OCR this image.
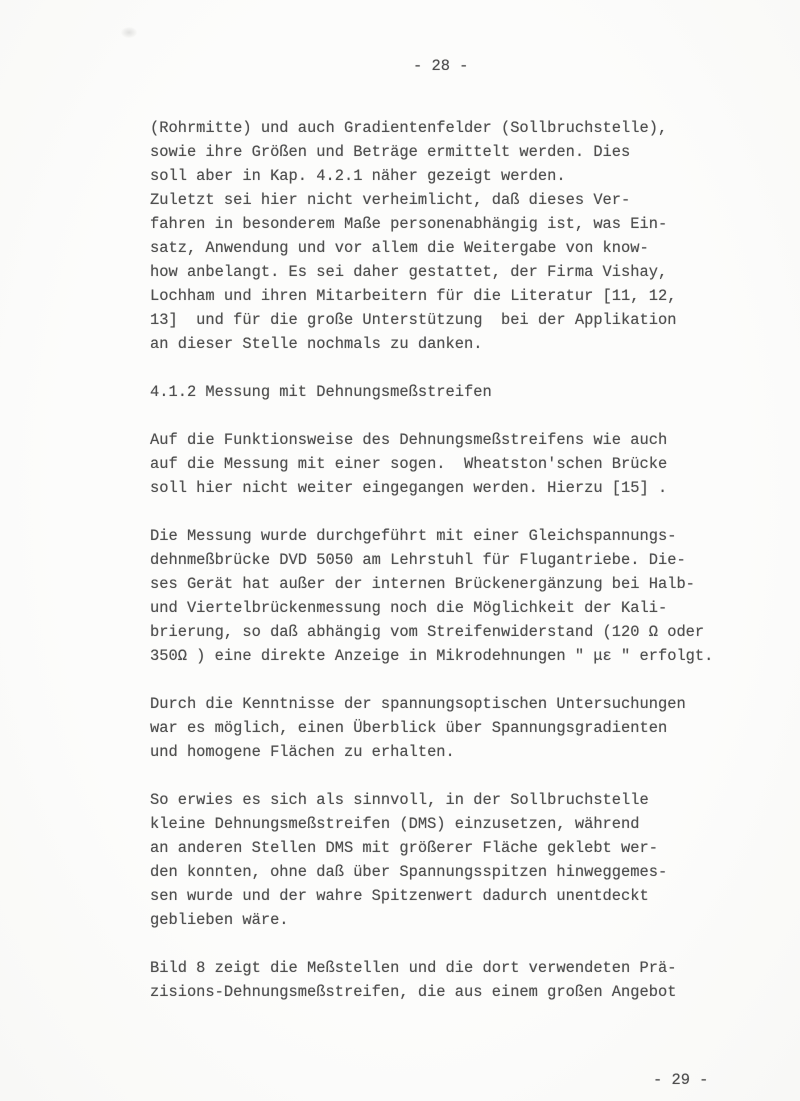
- 28 -
(Rohrmitte) und auch Gradientenfelder (Sollbruchstelle),
sowie ihre Größen und Beträge ermittelt werden. Dies
soll aber in Kap. 4.2.1 näher gezeigt werden.
Zuletzt sei hier nicht verheimlicht, daß dieses Ver-
fahren in besonderem Maße personenabhängig ist, was Ein-
satz, Anwendung und vor allem die Weitergabe von know-
how anbelangt. Es sei daher gestattet, der Firma Vishay,
Lochham und ihren Mitarbeitern für die Literatur [11, 12,
13]  und für die große Unterstützung  bei der Applikation
an dieser Stelle nochmals zu danken.
4.1.2 Messung mit Dehnungsmeßstreifen
Auf die Funktionsweise des Dehnungsmeßstreifens wie auch
auf die Messung mit einer sogen.  Wheatston'schen Brücke
soll hier nicht weiter eingegangen werden. Hierzu [15] .
Die Messung wurde durchgeführt mit einer Gleichspannungs-
dehnmeßbrücke DVD 5050 am Lehrstuhl für Flugantriebe. Die-
ses Gerät hat außer der internen Brückenergänzung bei Halb-
und Viertelbrückenmessung noch die Möglichkeit der Kali-
brierung, so daß abhängig vom Streifenwiderstand (120 Ω oder
350Ω ) eine direkte Anzeige in Mikrodehnungen " με " erfolgt.
Durch die Kenntnisse der spannungsoptischen Untersuchungen
war es möglich, einen Überblick über Spannungsgradienten
und homogene Flächen zu erhalten.
So erwies es sich als sinnvoll, in der Sollbruchstelle
kleine Dehnungsmeßstreifen (DMS) einzusetzen, während
an anderen Stellen DMS mit größerer Fläche geklebt wer-
den konnten, ohne daß über Spannungsspitzen hinweggemes-
sen wurde und der wahre Spitzenwert dadurch unentdeckt
geblieben wäre.
Bild 8 zeigt die Meßstellen und die dort verwendeten Prä-
zisions-Dehnungsmeßstreifen, die aus einem großen Angebot
- 29 -
